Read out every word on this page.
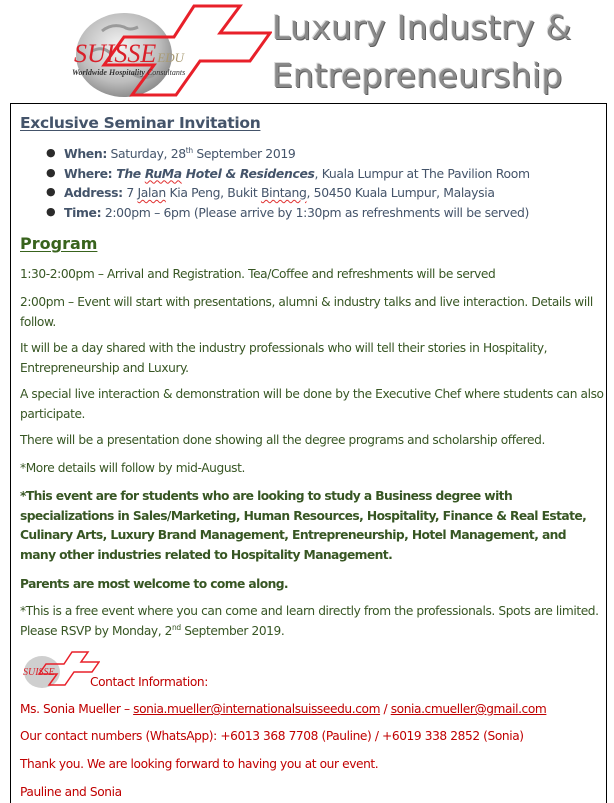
SUISSEEDU
Worldwide Hospitality Consultants
Luxury Industry &
Entrepreneurship
Exclusive Seminar Invitation
● When: Saturday, 28th September 2019
● Where: The RuMa Hotel & Residences, Kuala Lumpur at The Pavilion Room
● Address: 7 Jalan Kia Peng, Bukit Bintang, 50450 Kuala Lumpur, Malaysia
● Time: 2:00pm – 6pm (Please arrive by 1:30pm as refreshments will be served)
Program
1:30-2:00pm – Arrival and Registration. Tea/Coffee and refreshments will be served
2:00pm – Event will start with presentations, alumni & industry talks and live interaction. Details will follow.
It will be a day shared with the industry professionals who will tell their stories in Hospitality, Entrepreneurship and Luxury.
A special live interaction & demonstration will be done by the Executive Chef where students can also participate.
There will be a presentation done showing all the degree programs and scholarship offered.
*More details will follow by mid-August.
*This event are for students who are looking to study a Business degree with specializations in Sales/Marketing, Human Resources, Hospitality, Finance & Real Estate, Culinary Arts, Luxury Brand Management, Entrepreneurship, Hotel Management, and many other industries related to Hospitality Management.
Parents are most welcome to come along.
*This is a free event where you can come and learn directly from the professionals. Spots are limited. Please RSVP by Monday, 2nd September 2019.
SUISSE
Contact Information:
Ms. Sonia Mueller – sonia.mueller@internationalsuisseedu.com / sonia.cmueller@gmail.com
Our contact numbers (WhatsApp): +6013 368 7708 (Pauline) / +6019 338 2852 (Sonia)
Thank you. We are looking forward to having you at our event.
Pauline and Sonia
